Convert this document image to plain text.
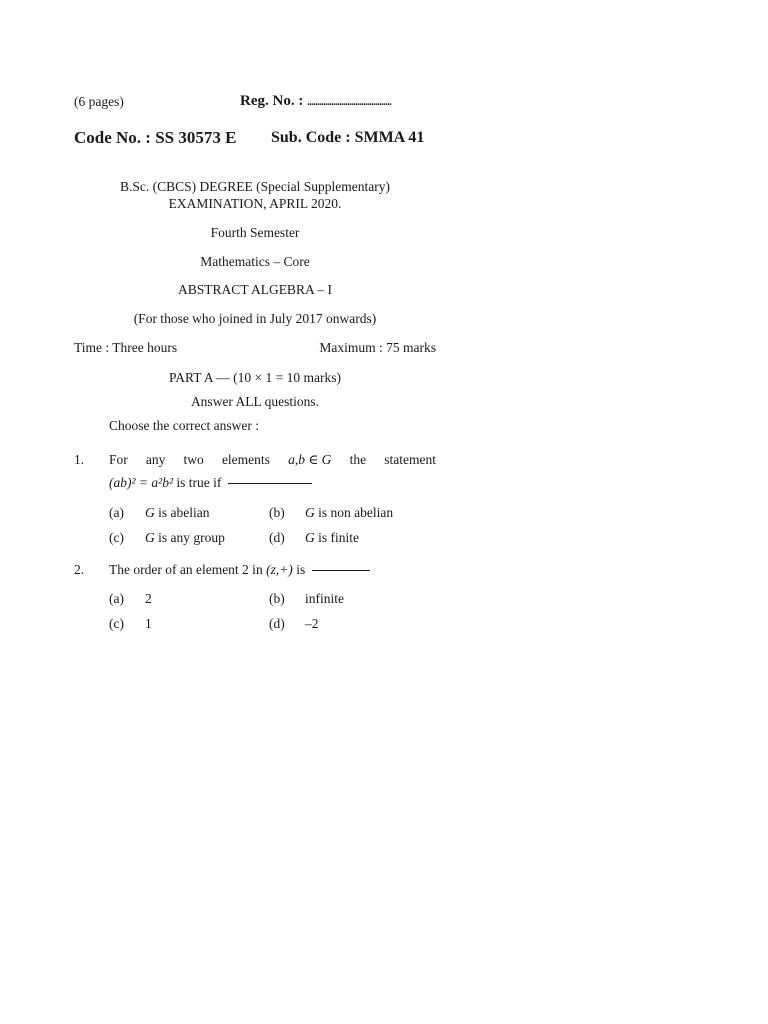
(6 pages)	Reg. No. : ..........................................
Code No. : SS 30573 E Sub. Code : SMMA 41
B.Sc. (CBCS) DEGREE (Special Supplementary)
EXAMINATION, APRIL 2020.
Fourth Semester
Mathematics – Core
ABSTRACT ALGEBRA – I
(For those who joined in July 2017 onwards)
Time : Three hours	Maximum : 75 marks
PART A — (10 × 1 = 10 marks)
Answer ALL questions.
Choose the correct answer :
1. For any two elements a,b ∈ G the statement
(ab)² = a²b² is true if
(a) G is abelian	(b) G is non abelian
(c) G is any group	(d) G is finite
2. The order of an element 2 in (z,+) is
(a) 2	(b) infinite
(c) 1	(d) –2
